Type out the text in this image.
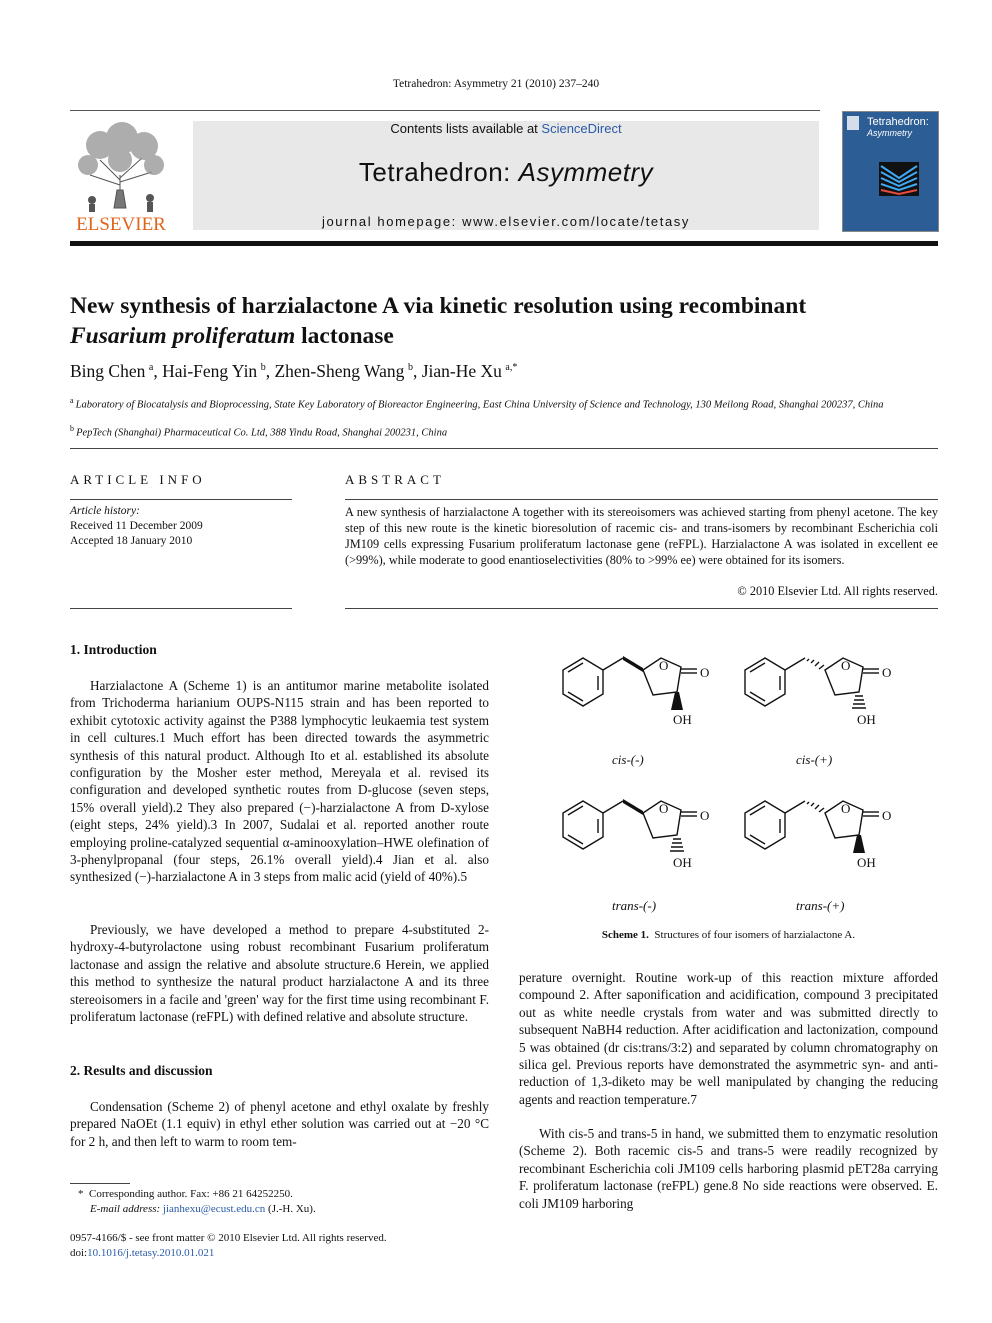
Tetrahedron: Asymmetry 21 (2010) 237–240
ELSEVIER
Contents lists available at ScienceDirect
Tetrahedron: Asymmetry
journal homepage: www.elsevier.com/locate/tetasy
Tetrahedron:
Asymmetry
New synthesis of harzialactone A via kinetic resolution using recombinant
Fusarium proliferatum lactonase
Bing Chen  $^a$, Hai-Feng Yin  $^b$, Zhen-Sheng Wang  $^b$, Jian-He Xu  $^{a,*}$
$^a$  Laboratory of Biocatalysis and Bioprocessing, State Key Laboratory of Bioreactor Engineering, East China University of Science and Technology, 130 Meilong Road, Shanghai 200237, China
$^b$  PepTech (Shanghai) Pharmaceutical Co. Ltd, 388 Yindu Road, Shanghai 200231, China
ARTICLE INFO
Article history:
Received 11 December 2009
Accepted 18 January 2010
ABSTRACT
A new synthesis of harzialactone A together with its stereoisomers was achieved starting from phenyl acetone. The key step of this new route is the kinetic bioresolution of racemic cis- and trans-isomers by recombinant Escherichia coli JM109 cells expressing Fusarium proliferatum lactonase gene (reFPL). Harzialactone A was isolated in excellent ee (>99%), while moderate to good enantioselectivities (80% to >99% ee) were obtained for its isomers.
© 2010 Elsevier Ltd. All rights reserved.
1. Introduction
Harzialactone A (Scheme 1) is an antitumor marine metabolite isolated from Trichoderma harianium OUPS-N115 strain and has been reported to exhibit cytotoxic activity against the P388 lymphocytic leukaemia test system in cell cultures.1 Much effort has been directed towards the asymmetric synthesis of this natural product. Although Ito et al. established its absolute configuration by the Mosher ester method, Mereyala et al. revised its configuration and developed synthetic routes from D-glucose (seven steps, 15% overall yield).2 They also prepared (−)-harzialactone A from D-xylose (eight steps, 24% yield).3 In 2007, Sudalai et al. reported another route employing proline-catalyzed sequential α-aminooxylation–HWE olefination of 3-phenylpropanal (four steps, 26.1% overall yield).4 Jian et al. also synthesized (−)-harzialactone A in 3 steps from malic acid (yield of 40%).5
Previously, we have developed a method to prepare 4-substituted 2-hydroxy-4-butyrolactone using robust recombinant Fusarium proliferatum lactonase and assign the relative and absolute structure.6 Herein, we applied this method to synthesize the natural product harzialactone A and its three stereoisomers in a facile and 'green' way for the first time using recombinant F. proliferatum lactonase (reFPL) with defined relative and absolute structure.
2. Results and discussion
Condensation (Scheme 2) of phenyl acetone and ethyl oxalate by freshly prepared NaOEt (1.1 equiv) in ethyl ether solution was carried out at −20 °C for 2 h, and then left to warm to room tem-
* Corresponding author. Fax: +86 21 64252250.
E-mail address: jianhexu@ecust.edu.cn (J.-H. Xu).
0957-4166/$ - see front matter © 2010 Elsevier Ltd. All rights reserved.
doi:10.1016/j.tetasy.2010.01.021
O O
OH
cis-(-)
O O
OH
cis-(+)
O O
OH
trans-(-)
O O
OH
trans-(+)
Scheme 1. Structures of four isomers of harzialactone A.
perature overnight. Routine work-up of this reaction mixture afforded compound 2. After saponification and acidification, compound 3 precipitated out as white needle crystals from water and was submitted directly to subsequent NaBH4 reduction. After acidification and lactonization, compound 5 was obtained (dr cis:trans/3:2) and separated by column chromatography on silica gel. Previous reports have demonstrated the asymmetric syn- and anti-reduction of 1,3-diketo may be well manipulated by changing the reducing agents and reaction temperature.7
With cis-5 and trans-5 in hand, we submitted them to enzymatic resolution (Scheme 2). Both racemic cis-5 and trans-5 were readily recognized by recombinant Escherichia coli JM109 cells harboring plasmid pET28a carrying F. proliferatum lactonase (reFPL) gene.8 No side reactions were observed. E. coli JM109 harboring
